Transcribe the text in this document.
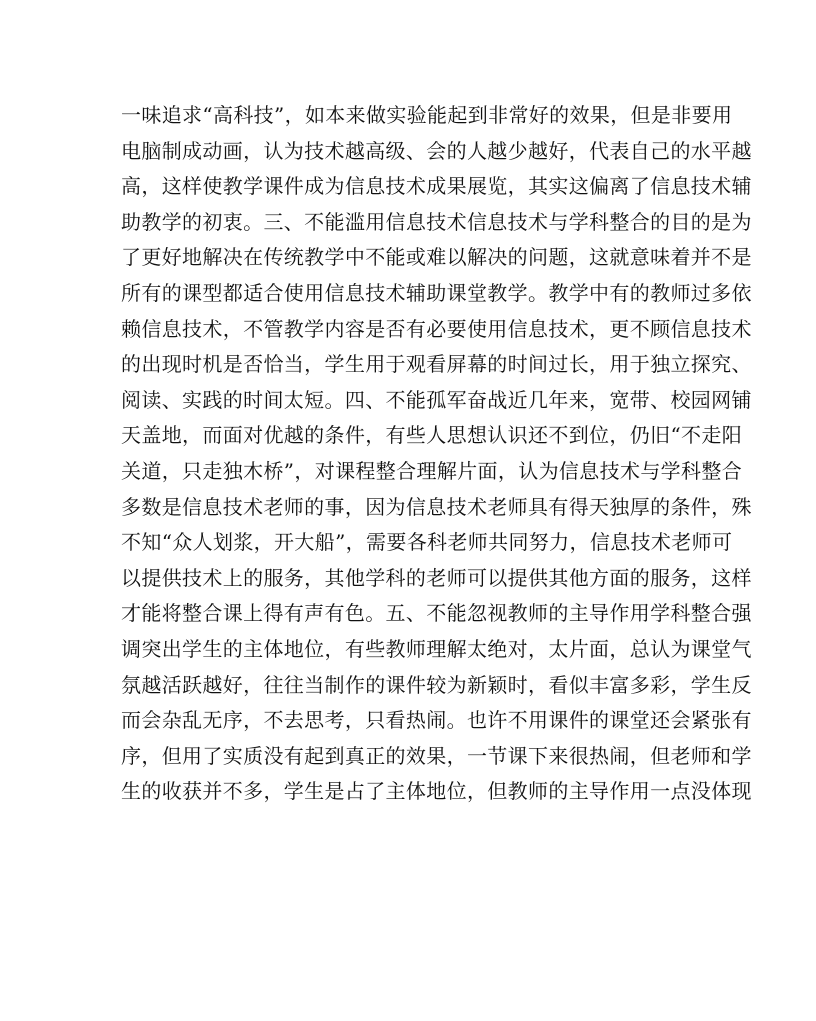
一味追求“高科技”，如本来做实验能起到非常好的效果，但是非要用
电脑制成动画，认为技术越高级、会的人越少越好，代表自己的水平越
高，这样使教学课件成为信息技术成果展览，其实这偏离了信息技术辅
助教学的初衷。三、不能滥用信息技术信息技术与学科整合的目的是为
了更好地解决在传统教学中不能或难以解决的问题，这就意味着并不是
所有的课型都适合使用信息技术辅助课堂教学。教学中有的教师过多依
赖信息技术，不管教学内容是否有必要使用信息技术，更不顾信息技术
的出现时机是否恰当，学生用于观看屏幕的时间过长，用于独立探究、
阅读、实践的时间太短。四、不能孤军奋战近几年来，宽带、校园网铺
天盖地，而面对优越的条件，有些人思想认识还不到位，仍旧“不走阳
关道，只走独木桥”，对课程整合理解片面，认为信息技术与学科整合
多数是信息技术老师的事，因为信息技术老师具有得天独厚的条件，殊
不知“众人划浆，开大船”，需要各科老师共同努力，信息技术老师可
以提供技术上的服务，其他学科的老师可以提供其他方面的服务，这样
才能将整合课上得有声有色。五、不能忽视教师的主导作用学科整合强
调突出学生的主体地位，有些教师理解太绝对，太片面，总认为课堂气
氛越活跃越好，往往当制作的课件较为新颖时，看似丰富多彩，学生反
而会杂乱无序，不去思考，只看热闹。也许不用课件的课堂还会紧张有
序，但用了实质没有起到真正的效果，一节课下来很热闹，但老师和学
生的收获并不多，学生是占了主体地位，但教师的主导作用一点没体现
